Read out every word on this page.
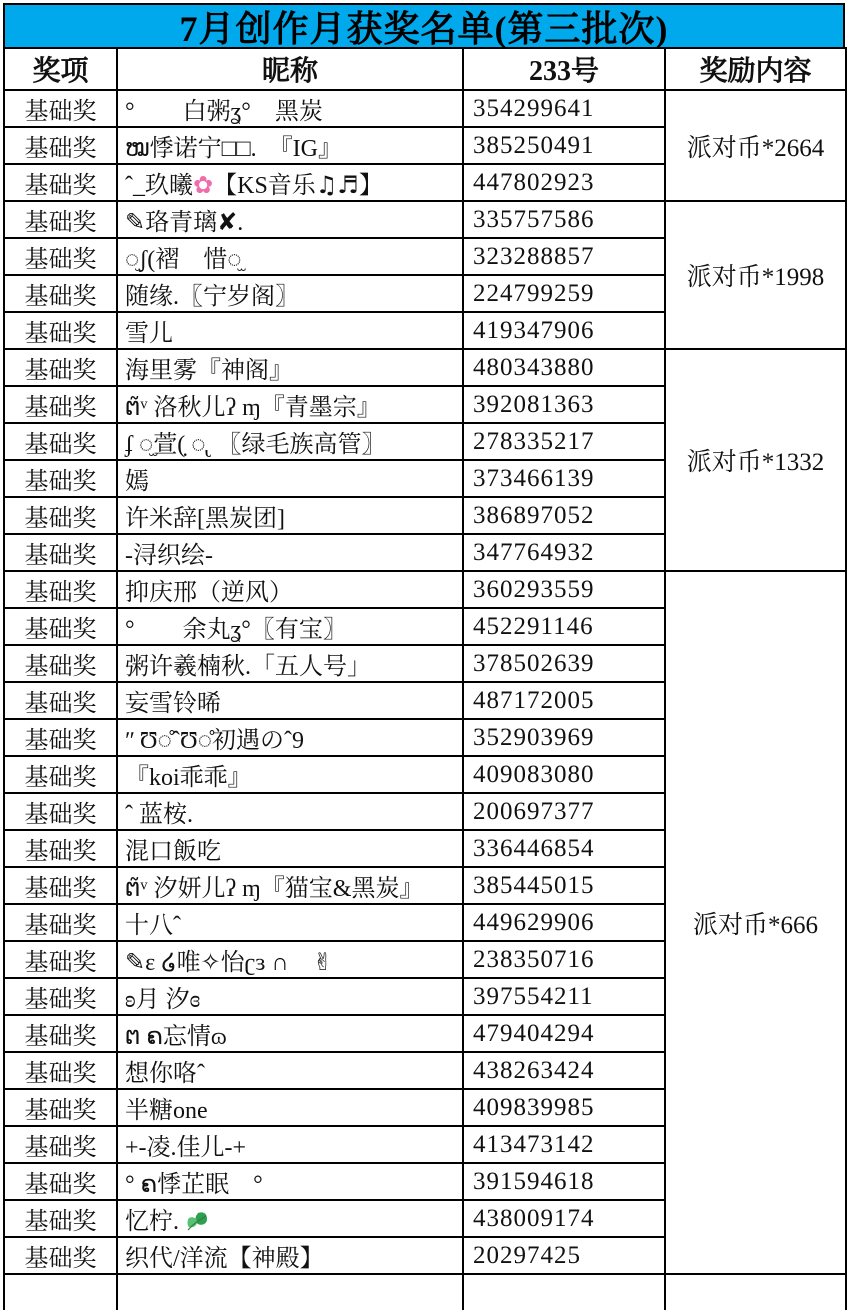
7月创作月获奖名单(第三批次)
奖项	昵称	233号	奖励内容
基础奖	°　　白粥ʓ°　黑炭	354299641	派对币*2664
基础奖	ໝ悸诺宁□□.　『IG』	385250491	
基础奖	ˆ_玖曦✿【KS音乐♫♬】	447802923	
基础奖	✎珞青璃✘.	335757586	派对币*1998
基础奖	◌̫ʃ(褶　惜◌̫	323288857	
基础奖	随缘.〖宁岁阁〗	224799259	
基础奖	雪儿	419347906	
基础奖	海里雾『神阁』	480343880	派对币*1332
基础奖	ຕ̃ᵛ 洛秋儿ʔ ɱ『青墨宗』	392081363	
基础奖	ʄ ◌̫萱(̣ ◌̢　〖绿毛族高管〗	278335217	
基础奖	嫣	373466139	
基础奖	许米辞[黑炭团]	386897052	
基础奖	-浔织绘-	347764932	
基础奖	抑庆邢（逆风）	360293559	派对币*666
基础奖	°　　余丸ʓ°〖有宝〗	452291146	
基础奖	粥许羲楠秋.「五人号」	378502639	
基础奖	妄雪铃晞	487172005	
基础奖	ʺ Ʊ◌̊ˆƱ◌̊初遇のˆ9	352903969	
基础奖	『koi乖乖』	409083080	
基础奖	ˆ 蓝桉.	200697377	
基础奖	混口飯吃	336446854	
基础奖	ຕ̃ᵛ 汐妍儿ʔ ɱ『猫宝&黑炭』	385445015	
基础奖	十八ˆ	449629906	
基础奖	✎ɛ ໒唯✧怡ʗɜ ∩　✌	238350716	
基础奖	ʚ月 汐ɞ	397554211	
基础奖	ຕ ຄ忘情ɷ	479404294	
基础奖	想你咯ˆ	438263424	
基础奖	半糖one	409839985	
基础奖	+-凌.佳儿-+	413473142	
基础奖	° ຄ悸芷眠　°	391594618	
基础奖	忆柠.	438009174	
基础奖	织代/洋流【神殿】	20297425	
